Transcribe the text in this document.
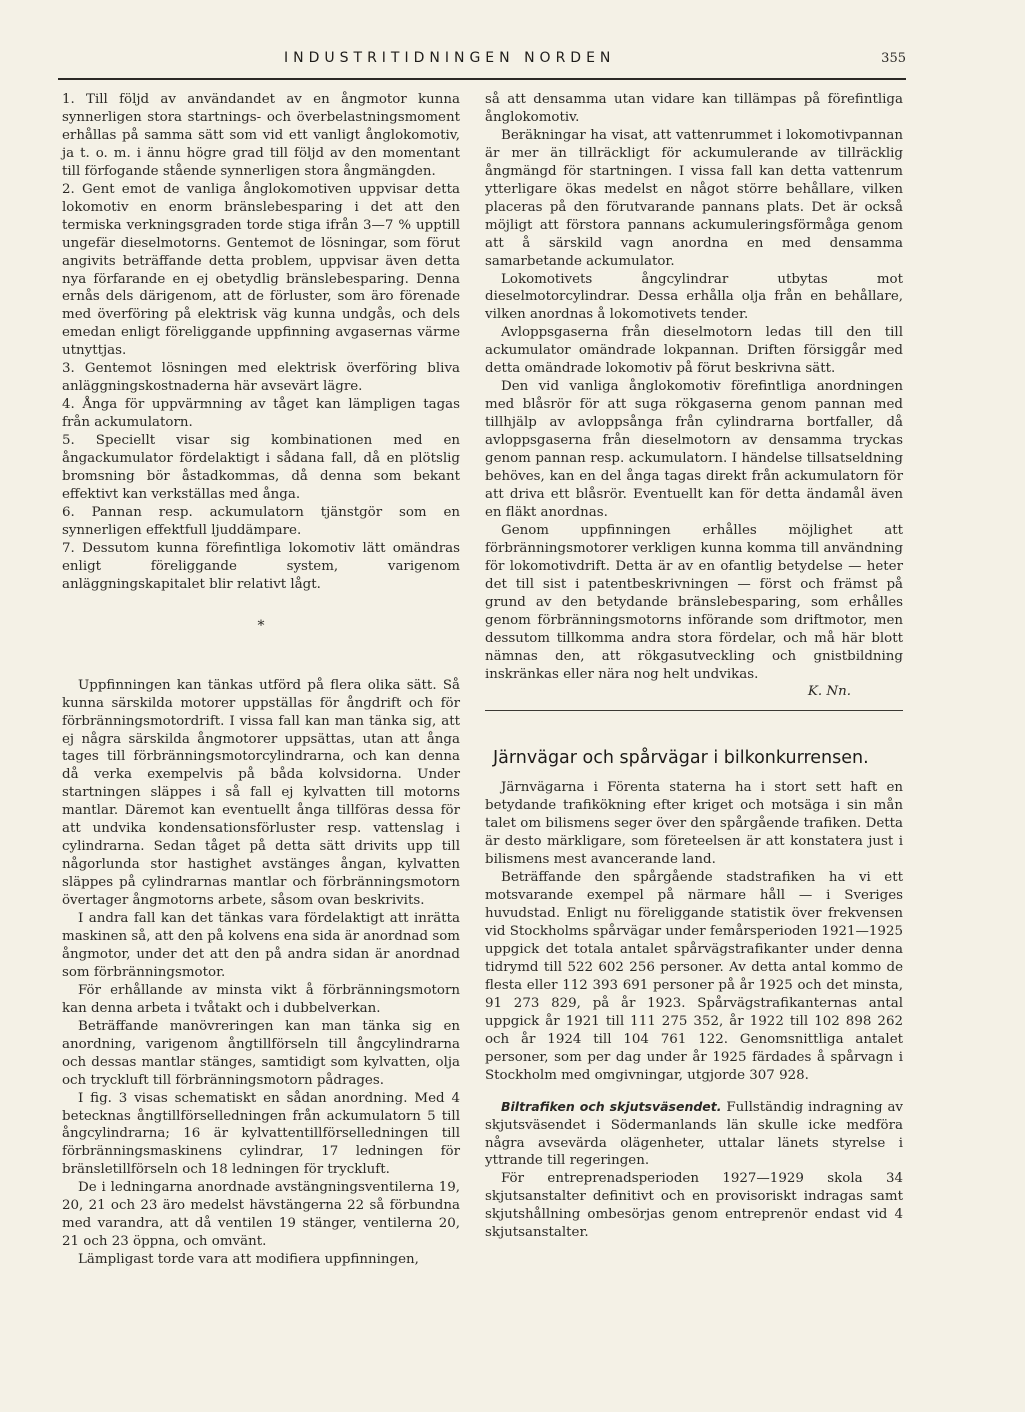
INDUSTRITIDNINGEN NORDEN	355

1. Till följd av användandet av en ångmotor kunna synnerligen stora startnings- och överbelastningsmoment erhållas på samma sätt som vid ett vanligt ånglokomotiv, ja t. o. m. i ännu högre grad till följd av den momentant till förfogande stående synnerligen stora ångmängden.

2. Gent emot de vanliga ånglokomotiven uppvisar detta lokomotiv en enorm bränslebesparing i det att den termiska verkningsgraden torde stiga ifrån 3—7 % upptill ungefär dieselmotorns. Gentemot de lösningar, som förut angivits beträffande detta problem, uppvisar även detta nya förfarande en ej obetydlig bränslebesparing. Denna ernås dels därigenom, att de förluster, som äro förenade med överföring på elektrisk väg kunna undgås, och dels emedan enligt föreliggande uppfinning avgasernas värme utnyttjas.

3. Gentemot lösningen med elektrisk överföring bliva anläggningskostnaderna här avsevärt lägre.

4. Ånga för uppvärmning av tåget kan lämpligen tagas från ackumulatorn.

5. Speciellt visar sig kombinationen med en ångackumulator fördelaktigt i sådana fall, då en plötslig bromsning bör åstadkommas, då denna som bekant effektivt kan verkställas med ånga.

6. Pannan resp. ackumulatorn tjänstgör som en synnerligen effektfull ljuddämpare.

7. Dessutom kunna förefintliga lokomotiv lätt omändras enligt föreliggande system, varigenom anläggningskapitalet blir relativt lågt.

*

Uppfinningen kan tänkas utförd på flera olika sätt. Så kunna särskilda motorer uppställas för ångdrift och för förbränningsmotordrift. I vissa fall kan man tänka sig, att ej några särskilda ångmotorer uppsättas, utan att ånga tages till förbränningsmotorcylindrarna, och kan denna då verka exempelvis på båda kolvsidorna. Under startningen släppes i så fall ej kylvatten till motorns mantlar. Däremot kan eventuellt ånga tillföras dessa för att undvika kondensationsförluster resp. vattenslag i cylindrarna. Sedan tåget på detta sätt drivits upp till någorlunda stor hastighet avstänges ångan, kylvatten släppes på cylindrarnas mantlar och förbränningsmotorn övertager ångmotorns arbete, såsom ovan beskrivits.

I andra fall kan det tänkas vara fördelaktigt att inrätta maskinen så, att den på kolvens ena sida är anordnad som ångmotor, under det att den på andra sidan är anordnad som förbränningsmotor.

För erhållande av minsta vikt å förbränningsmotorn kan denna arbeta i tvåtakt och i dubbelverkan.

Beträffande manövreringen kan man tänka sig en anordning, varigenom ångtillförseln till ångcylindrarna och dessas mantlar stänges, samtidigt som kylvatten, olja och tryckluft till förbränningsmotorn pådrages.

I fig. 3 visas schematiskt en sådan anordning. Med 4 betecknas ångtillförselledningen från ackumulatorn 5 till ångcylindrarna; 16 är kylvattentillförselledningen till förbränningsmaskinens cylindrar, 17 ledningen för bränsletillförseln och 18 ledningen för tryckluft.

De i ledningarna anordnade avstängningsventilerna 19, 20, 21 och 23 äro medelst hävstängerna 22 så förbundna med varandra, att då ventilen 19 stänger, ventilerna 20, 21 och 23 öppna, och omvänt.

Lämpligast torde vara att modifiera uppfinningen,

så att densamma utan vidare kan tillämpas på förefintliga ånglokomotiv.

Beräkningar ha visat, att vattenrummet i lokomotivpannan är mer än tillräckligt för ackumulerande av tillräcklig ångmängd för startningen. I vissa fall kan detta vattenrum ytterligare ökas medelst en något större behållare, vilken placeras på den förutvarande pannans plats. Det är också möjligt att förstora pannans ackumuleringsförmåga genom att å särskild vagn anordna en med densamma samarbetande ackumulator.

Lokomotivets ångcylindrar utbytas mot dieselmotorcylindrar. Dessa erhålla olja från en behållare, vilken anordnas å lokomotivets tender.

Avloppsgaserna från dieselmotorn ledas till den till ackumulator omändrade lokpannan. Driften försiggår med detta omändrade lokomotiv på förut beskrivna sätt.

Den vid vanliga ånglokomotiv förefintliga anordningen med blåsrör för att suga rökgaserna genom pannan med tillhjälp av avloppsånga från cylindrarna bortfaller, då avloppsgaserna från dieselmotorn av densamma tryckas genom pannan resp. ackumulatorn. I händelse tillsatseldning behöves, kan en del ånga tagas direkt från ackumulatorn för att driva ett blåsrör. Eventuellt kan för detta ändamål även en fläkt anordnas.

Genom uppfinningen erhålles möjlighet att förbränningsmotorer verkligen kunna komma till användning för lokomotivdrift. Detta är av en ofantlig betydelse — heter det till sist i patentbeskrivningen — först och främst på grund av den betydande bränslebesparing, som erhålles genom förbränningsmotorns införande som driftmotor, men dessutom tillkomma andra stora fördelar, och må här blott nämnas den, att rökgasutveckling och gnistbildning inskränkas eller nära nog helt undvikas.

K. Nn.

Järnvägar och spårvägar i bilkonkurrensen.

Järnvägarna i Förenta staterna ha i stort sett haft en betydande trafikökning efter kriget och motsäga i sin mån talet om bilismens seger över den spårgående trafiken. Detta är desto märkligare, som företeelsen är att konstatera just i bilismens mest avancerande land.

Beträffande den spårgående stadstrafiken ha vi ett motsvarande exempel på närmare håll — i Sveriges huvudstad. Enligt nu föreliggande statistik över frekvensen vid Stockholms spårvägar under femårsperioden 1921—1925 uppgick det totala antalet spårvägstrafikanter under denna tidrymd till 522 602 256 personer. Av detta antal kommo de flesta eller 112 393 691 personer på år 1925 och det minsta, 91 273 829, på år 1923. Spårvägstrafikanternas antal uppgick år 1921 till 111 275 352, år 1922 till 102 898 262 och år 1924 till 104 761 122. Genomsnittliga antalet personer, som per dag under år 1925 färdades å spårvagn i Stockholm med omgivningar, utgjorde 307 928.

Biltrafiken och skjutsväsendet. Fullständig indragning av skjutsväsendet i Södermanlands län skulle icke medföra några avsevärda olägenheter, uttalar länets styrelse i yttrande till regeringen.

För entreprenadsperioden 1927—1929 skola 34 skjutsanstalter definitivt och en provisoriskt indragas samt skjutshållning ombesörjas genom entreprenör endast vid 4 skjutsanstalter.
